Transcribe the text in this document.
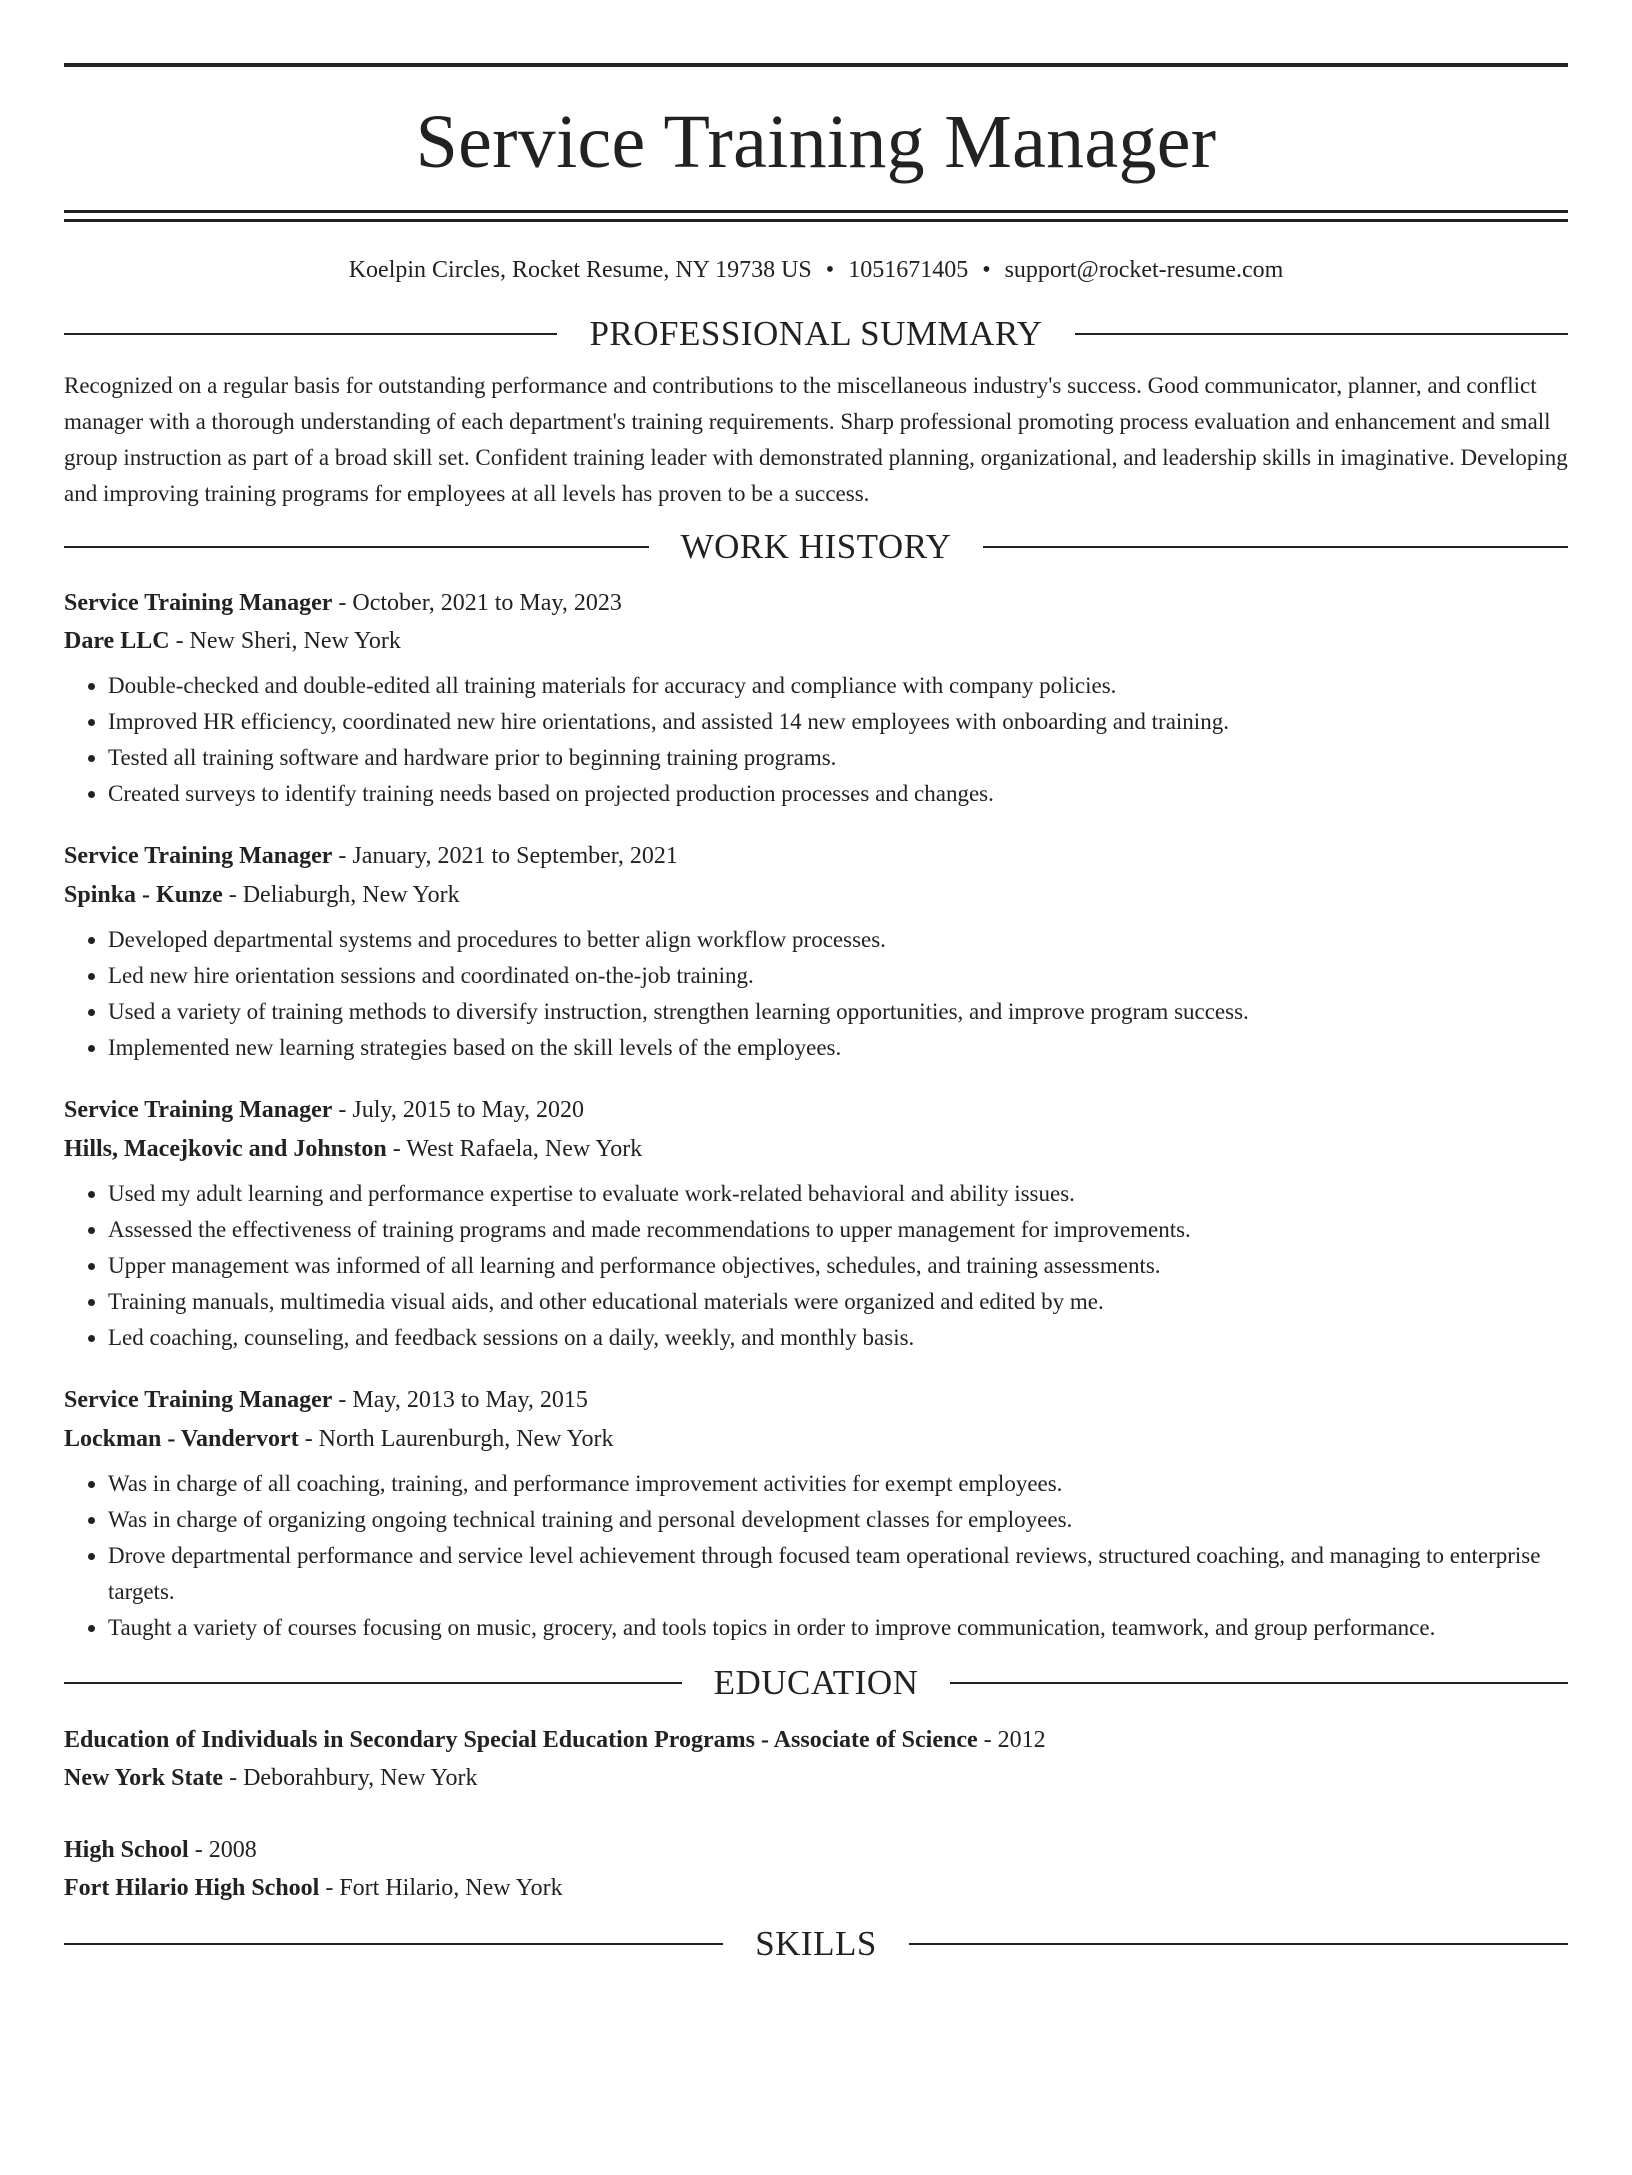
Service Training Manager
Koelpin Circles, Rocket Resume, NY 19738 US • 1051671405 • support@rocket-resume.com
PROFESSIONAL SUMMARY

Recognized on a regular basis for outstanding performance and contributions to the miscellaneous industry's success. Good communicator, planner, and conflict manager with a thorough understanding of each department's training requirements. Sharp professional promoting process evaluation and enhancement and small group instruction as part of a broad skill set. Confident training leader with demonstrated planning, organizational, and leadership skills in imaginative. Developing and improving training programs for employees at all levels has proven to be a success.

WORK HISTORY

Service Training Manager - October, 2021 to May, 2023

Dare LLC - New Sheri, New York

• Double-checked and double-edited all training materials for accuracy and compliance with company policies.
• Improved HR efficiency, coordinated new hire orientations, and assisted 14 new employees with onboarding and training.
• Tested all training software and hardware prior to beginning training programs.
• Created surveys to identify training needs based on projected production processes and changes.

Service Training Manager - January, 2021 to September, 2021

Spinka - Kunze - Deliaburgh, New York

• Developed departmental systems and procedures to better align workflow processes.
• Led new hire orientation sessions and coordinated on-the-job training.
• Used a variety of training methods to diversify instruction, strengthen learning opportunities, and improve program success.
• Implemented new learning strategies based on the skill levels of the employees.

Service Training Manager - July, 2015 to May, 2020

Hills, Macejkovic and Johnston - West Rafaela, New York

• Used my adult learning and performance expertise to evaluate work-related behavioral and ability issues.
• Assessed the effectiveness of training programs and made recommendations to upper management for improvements.
• Upper management was informed of all learning and performance objectives, schedules, and training assessments.
• Training manuals, multimedia visual aids, and other educational materials were organized and edited by me.
• Led coaching, counseling, and feedback sessions on a daily, weekly, and monthly basis.

Service Training Manager - May, 2013 to May, 2015

Lockman - Vandervort - North Laurenburgh, New York

• Was in charge of all coaching, training, and performance improvement activities for exempt employees.
• Was in charge of organizing ongoing technical training and personal development classes for employees.
• Drove departmental performance and service level achievement through focused team operational reviews, structured coaching, and managing to enterprise targets.
• Taught a variety of courses focusing on music, grocery, and tools topics in order to improve communication, teamwork, and group performance.
EDUCATION

Education of Individuals in Secondary Special Education Programs - Associate of Science - 2012

New York State - Deborahbury, New York

High School - 2008

Fort Hilario High School - Fort Hilario, New York

SKILLS
